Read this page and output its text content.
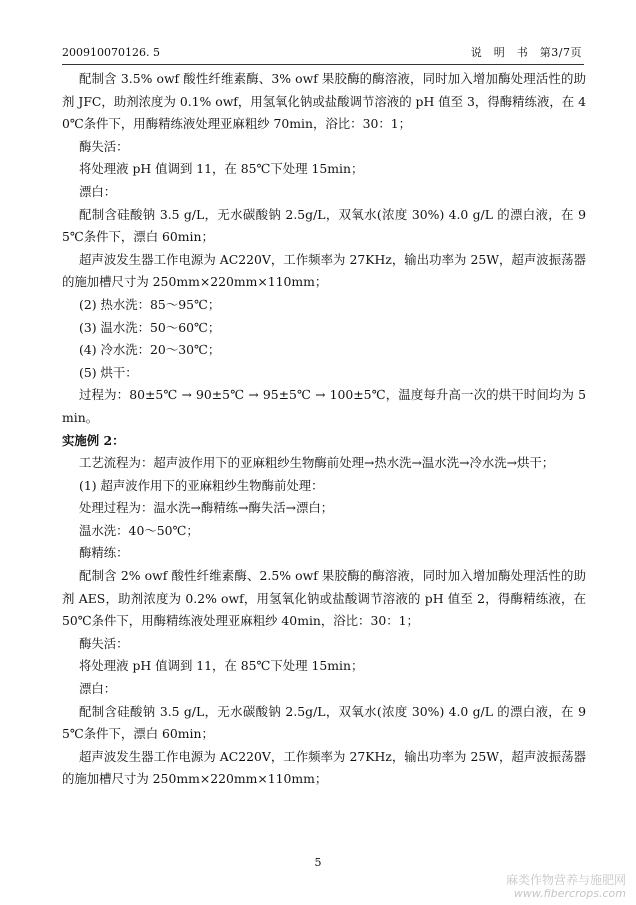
200910070126. 5	说　明　书　第3/7页

配制含 3.5% owf 酸性纤维素酶、3% owf 果胶酶的酶溶液，同时加入增加酶处理活性的助剂 JFC，助剂浓度为 0.1% owf，用氢氧化钠或盐酸调节溶液的 pH 值至 3，得酶精练液，在 40℃条件下，用酶精练液处理亚麻粗纱 70min，浴比：30：1；

酶失活：

将处理液 pH 值调到 11，在 85℃下处理 15min；

漂白：

配制含硅酸钠 3.5 g/L，无水碳酸钠 2.5g/L，双氧水(浓度 30%) 4.0 g/L 的漂白液，在 95℃条件下，漂白 60min；

超声波发生器工作电源为 AC220V，工作频率为 27KHz，输出功率为 25W，超声波振荡器的施加槽尺寸为 250mm×220mm×110mm；

(2) 热水洗：85～95℃；

(3) 温水洗：50～60℃；

(4) 冷水洗：20～30℃；

(5) 烘干：

过程为：80±5℃ → 90±5℃ → 95±5℃ → 100±5℃，温度每升高一次的烘干时间均为 5 min。

实施例 2：

工艺流程为：超声波作用下的亚麻粗纱生物酶前处理→热水洗→温水洗→冷水洗→烘干；

(1) 超声波作用下的亚麻粗纱生物酶前处理：

处理过程为：温水洗→酶精练→酶失活→漂白；

温水洗：40～50℃；

酶精练：

配制含 2% owf 酸性纤维素酶、2.5% owf 果胶酶的酶溶液，同时加入增加酶处理活性的助剂 AES，助剂浓度为 0.2% owf，用氢氧化钠或盐酸调节溶液的 pH 值至 2，得酶精练液，在 50℃条件下，用酶精练液处理亚麻粗纱 40min，浴比：30：1；

酶失活：

将处理液 pH 值调到 11，在 85℃下处理 15min；

漂白：

配制含硅酸钠 3.5 g/L，无水碳酸钠 2.5g/L，双氧水(浓度 30%) 4.0 g/L 的漂白液，在 95℃条件下，漂白 60min；

超声波发生器工作电源为 AC220V，工作频率为 27KHz，输出功率为 25W，超声波振荡器的施加槽尺寸为 250mm×220mm×110mm；

5
麻类作物营养与施肥网
www.fibercrops.com
